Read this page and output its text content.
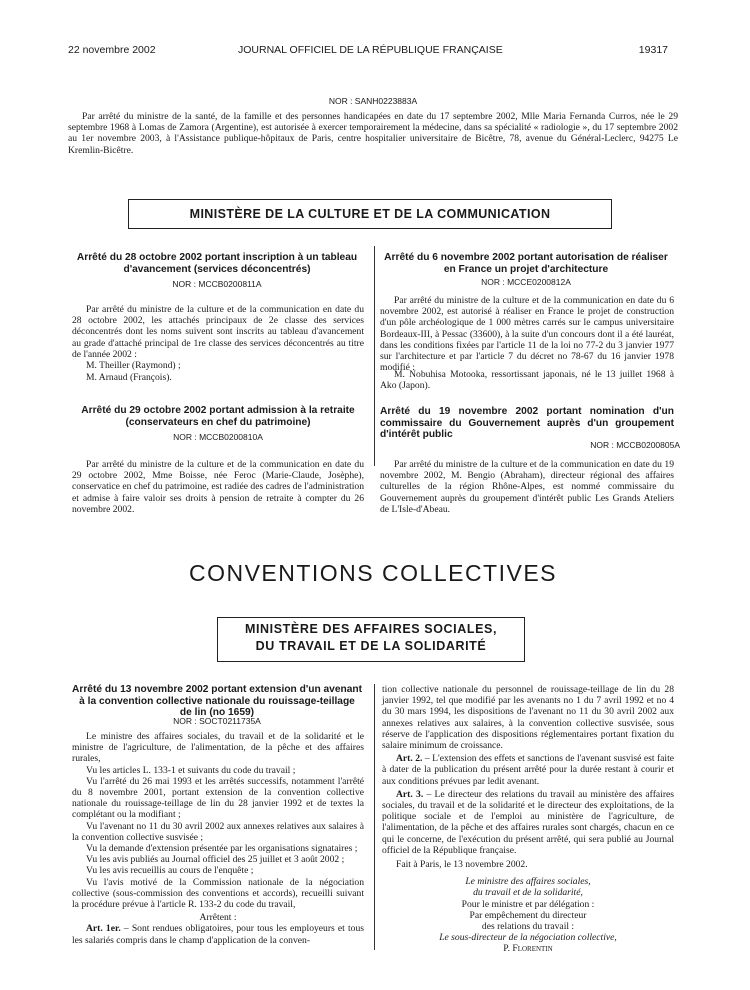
22 novembre 2002	JOURNAL OFFICIEL DE LA RÉPUBLIQUE FRANÇAISE	19317
NOR : SANH0223883A

Par arrêté du ministre de la santé, de la famille et des personnes handicapées en date du 17 septembre 2002, Mlle Maria Fernanda Curros, née le 29 septembre 1968 à Lomas de Zamora (Argentine), est autorisée à exercer temporairement la médecine, dans sa spécialité « radiologie », du 17 septembre 2002 au 1er novembre 2003, à l'Assistance publique-hôpitaux de Paris, centre hospitalier universitaire de Bicêtre, 78, avenue du Général-Leclerc, 94275 Le Kremlin-Bicêtre.

MINISTÈRE DE LA CULTURE ET DE LA COMMUNICATION
Arrêté du 28 octobre 2002 portant inscription à un tableau d'avancement (services déconcentrés)
NOR : MCCB0200811A

Par arrêté du ministre de la culture et de la communication en date du 28 octobre 2002, les attachés principaux de 2e classe des services déconcentrés dont les noms suivent sont inscrits au tableau d'avancement au grade d'attaché principal de 1re classe des services déconcentrés au titre de l'année 2002 :

M. Theiller (Raymond) ;

M. Arnaud (François).

Arrêté du 29 octobre 2002 portant admission à la retraite (conservateurs en chef du patrimoine)
NOR : MCCB0200810A

Par arrêté du ministre de la culture et de la communication en date du 29 octobre 2002, Mme Boisse, née Feroc (Marie-Claude, Josèphe), conservatice en chef du patrimoine, est radiée des cadres de l'administration et admise à faire valoir ses droits à pension de retraite à compter du 26 novembre 2002.

Arrêté du 6 novembre 2002 portant autorisation de réaliser en France un projet d'architecture
NOR : MCCE0200812A

Par arrêté du ministre de la culture et de la communication en date du 6 novembre 2002, est autorisé à réaliser en France le projet de construction d'un pôle archéologique de 1 000 mètres carrés sur le campus universitaire Bordeaux-III, à Pessac (33600), à la suite d'un concours dont il a été lauréat, dans les conditions fixées par l'article 11 de la loi no 77-2 du 3 janvier 1977 sur l'architecture et par l'article 7 du décret no 78-67 du 16 janvier 1978 modifié :

M. Nobuhisa Motooka, ressortissant japonais, né le 13 juillet 1968 à Ako (Japon).

Arrêté du 19 novembre 2002 portant nomination d'un commissaire du Gouvernement auprès d'un groupement d'intérêt public
NOR : MCCB0200805A

Par arrêté du ministre de la culture et de la communication en date du 19 novembre 2002, M. Bengio (Abraham), directeur régional des affaires culturelles de la région Rhône-Alpes, est nommé commissaire du Gouvernement auprès du groupement d'intérêt public Les Grands Ateliers de L'Isle-d'Abeau.

CONVENTIONS COLLECTIVES
MINISTÈRE DES AFFAIRES SOCIALES,
DU TRAVAIL ET DE LA SOLIDARITÉ
Arrêté du 13 novembre 2002 portant extension d'un avenant à la convention collective nationale du rouissage-teillage de lin (no 1659)
NOR : SOCT0211735A

Le ministre des affaires sociales, du travail et de la solidarité et le ministre de l'agriculture, de l'alimentation, de la pêche et des affaires rurales,

Vu les articles L. 133-1 et suivants du code du travail ;

Vu l'arrêté du 26 mai 1993 et les arrêtés successifs, notamment l'arrêté du 8 novembre 2001, portant extension de la convention collective nationale du rouissage-teillage de lin du 28 janvier 1992 et de textes la complétant ou la modifiant ;

Vu l'avenant no 11 du 30 avril 2002 aux annexes relatives aux salaires à la convention collective susvisée ;

Vu la demande d'extension présentée par les organisations signataires ;

Vu les avis publiés au Journal officiel des 25 juillet et 3 août 2002 ;

Vu les avis recueillis au cours de l'enquête ;

Vu l'avis motivé de la Commission nationale de la négociation collective (sous-commission des conventions et accords), recueilli suivant la procédure prévue à l'article R. 133-2 du code du travail,

Arrêtent :

Art. 1er. – Sont rendues obligatoires, pour tous les employeurs et tous les salariés compris dans le champ d'application de la conven-

tion collective nationale du personnel de rouissage-teillage de lin du 28 janvier 1992, tel que modifié par les avenants no 1 du 7 avril 1992 et no 4 du 30 mars 1994, les dispositions de l'avenant no 11 du 30 avril 2002 aux annexes relatives aux salaires, à la convention collective susvisée, sous réserve de l'application des dispositions réglementaires portant fixation du salaire minimum de croissance.

Art. 2. – L'extension des effets et sanctions de l'avenant susvisé est faite à dater de la publication du présent arrêté pour la durée restant à courir et aux conditions prévues par ledit avenant.

Art. 3. – Le directeur des relations du travail au ministère des affaires sociales, du travail et de la solidarité et le directeur des exploitations, de la politique sociale et de l'emploi au ministère de l'agriculture, de l'alimentation, de la pêche et des affaires rurales sont chargés, chacun en ce qui le concerne, de l'exécution du présent arrêté, qui sera publié au Journal officiel de la République française.

Fait à Paris, le 13 novembre 2002.

Le ministre des affaires sociales,
du travail et de la solidarité,
Pour le ministre et par délégation :
Par empêchement du directeur
des relations du travail :
Le sous-directeur de la négociation collective,
P. Florentin
